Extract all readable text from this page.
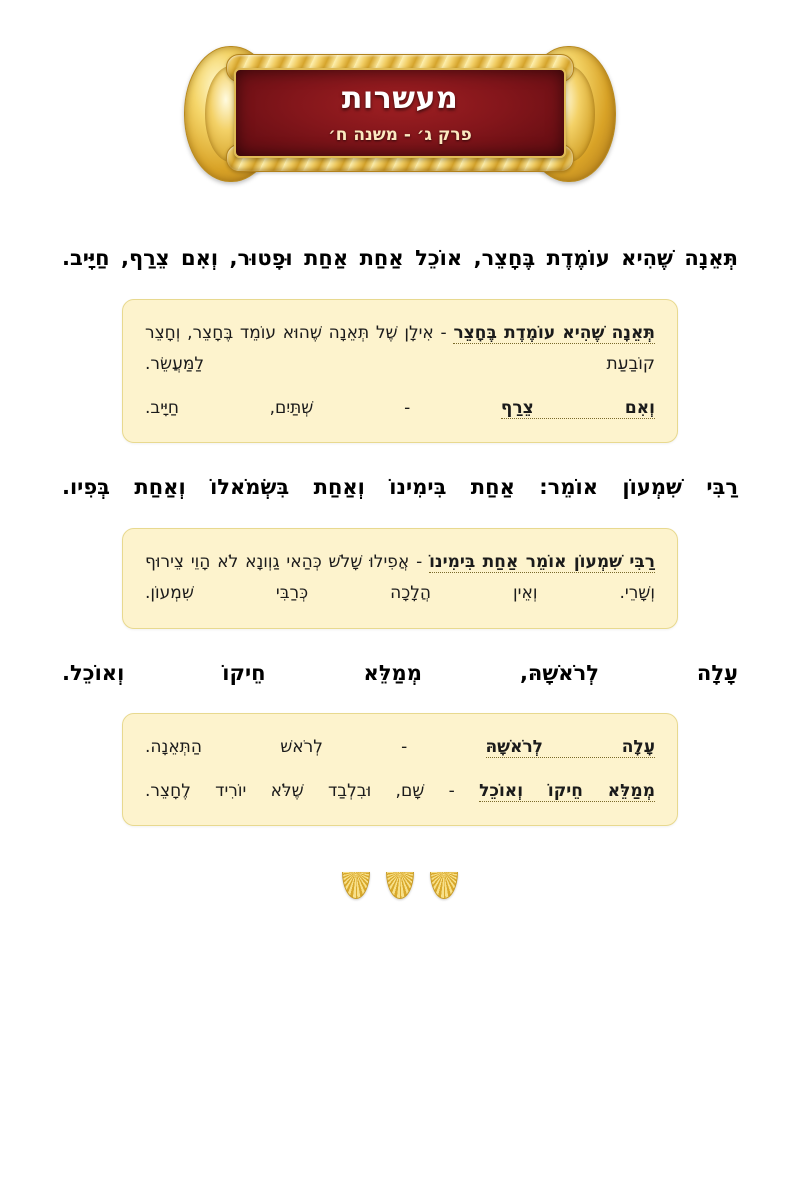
מעשרות
פרק ג׳ - משנה ח׳
תְּאֵנָה שֶׁהִיא עוֹמֶדֶת בֶּחָצֵר, אוֹכֵל אַחַת אַחַת וּפָטוּר, וְאִם צֵרַף, חַיָּיב.

תְּאֵנָה שֶׁהִיא עוֹמֶדֶת בֶּחָצֵר - אִילָן שֶׁל תְּאֵנָה שֶׁהוּא עוֹמֵד בֶּחָצֵר, וְחָצֵר קוֹבַעַת לַמַּעֲשֵׂר.

וְאִם צֵרַף - שְׁתַּיִם, חַיָּיב.

רַבִּי שִׁמְעוֹן אוֹמֵר: אַחַת בִּימִינוֹ וְאַחַת בִּשְׂמֹאלוֹ וְאַחַת בְּפִיו.

רַבִּי שִׁמְעוֹן אוֹמֵר אַחַת בִּימִינוֹ - אֲפִילוּ שָׁלֹשׁ כְּהַאי גַוְונָא לֹא הָוֵי צֵירוּף וְשָׁרֵי. וְאֵין הֲלָכָה כְּרַבִּי שִׁמְעוֹן.

עָלָה לְרֹאשָׁהּ, מְמַלֵּא חֵיקוֹ וְאוֹכֵל.

עָלָה לְרֹאשָׁהּ - לְרֹאשׁ הַתְּאֵנָה.

מְמַלֵּא חֵיקוֹ וְאוֹכֵל - שָׁם, וּבִלְבַד שֶׁלֹּא יוֹרִיד לֶחָצֵר.
